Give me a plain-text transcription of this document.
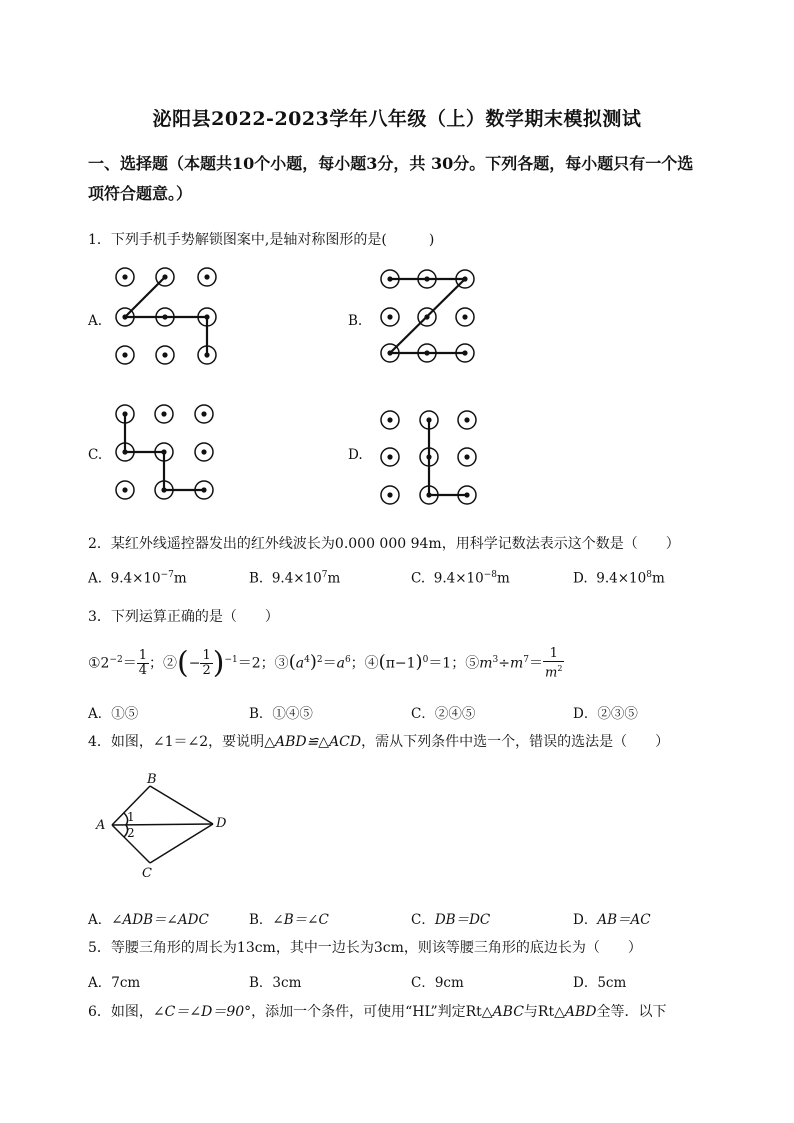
泌阳县2022-2023学年八年级（上）数学期末模拟测试
一、选择题（本题共10个小题，每小题3分，共 30分。下列各题，每小题只有一个选
项符合题意。）
1．下列手机手势解锁图案中,是轴对称图形的是(　　　)
A.	B.
C.	D.
2．某红外线遥控器发出的红外线波长为0.000 000 94m，用科学记数法表示这个数是（　　）
A. $9.4\times 10^{-7}m$	B. $9.4\times 10^7m$	C. $9.4\times 10^{-8}m$	D. $9.4\times 10^8m$
3．下列运算正确的是（　　）
$①2^{-2}= \frac{1}{4}$ ；②(− $\frac{1}{2} )^{-1}=2$；$③(a^4)^2=a^6$；$④(\pi-1)^0=1$；$⑤m^3\div m^7= \frac{1}{m^2}$
A．①⑤	B．①④⑤	C．②④⑤	D．②③⑤
4．如图，∠1＝∠2，要说明△ABD≌△ACD，需从下列条件中选一个，错误的选法是（　　）
B
A	D
C
1
2
A．∠ADB＝∠ADC	B．∠B＝∠C	C．DB＝DC	D．AB＝AC
5．等腰三角形的周长为13cm，其中一边长为3cm，则该等腰三角形的底边长为（　　）
A．7cm	B．3cm	C．9cm	D．5cm
6．如图，∠C＝∠D＝90°，添加一个条件，可使用“HL”判定Rt△ABC与Rt△ABD全等．以下
